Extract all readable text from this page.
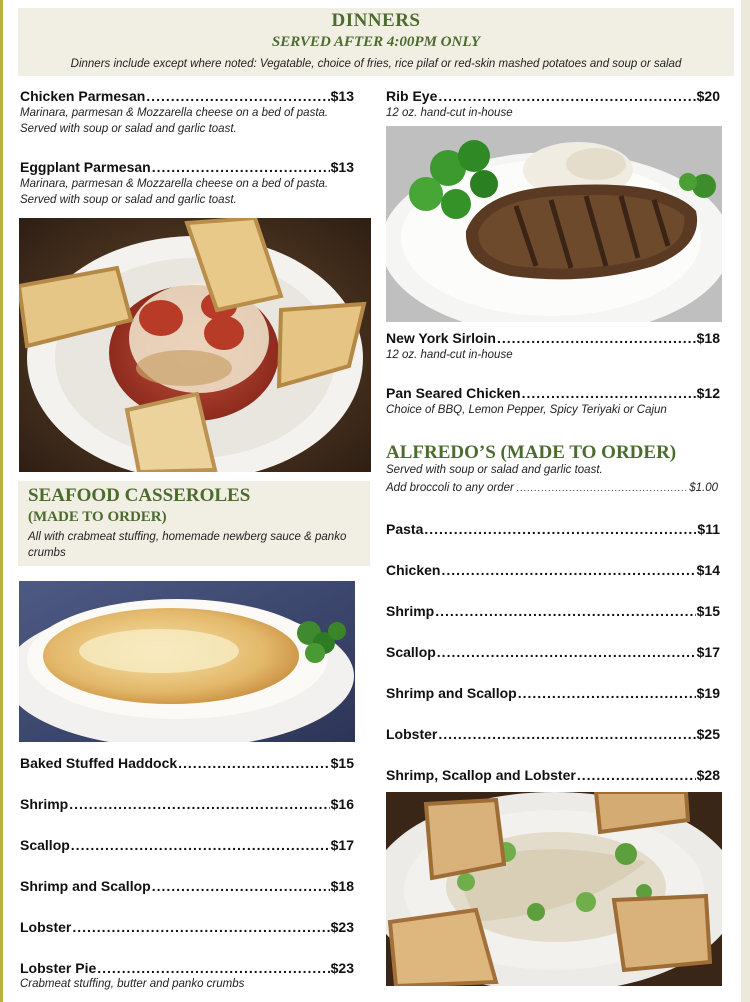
DINNERS
SERVED AFTER 4:00PM ONLY
Dinners include except where noted: Vegatable, choice of fries, rice pilaf or red-skin mashed potatoes and soup or salad
Chicken Parmesan .....	$13
Marinara, parmesan & Mozzarella cheese on a bed of pasta. Served with soup or salad and garlic toast.
Eggplant Parmesan .....	$13
Marinara, parmesan & Mozzarella cheese on a bed of pasta. Served with soup or salad and garlic toast.
SEAFOOD CASSEROLES
(MADE TO ORDER)
All with crabmeat stuffing, homemade newberg sauce & panko crumbs
Baked Stuffed Haddock .....	$15
Shrimp .....	$16
Scallop .....	$17
Shrimp and Scallop .....	$18
Lobster .....	$23
Lobster Pie .....	$23
Crabmeat stuffing, butter and panko crumbs
Rib Eye .....	$20
12 oz. hand-cut in-house
New York Sirloin .....	$18
12 oz. hand-cut in-house
Pan Seared Chicken .....	$12
Choice of BBQ, Lemon Pepper, Spicy Teriyaki or Cajun
ALFREDO’S (MADE TO ORDER)
Served with soup or salad and garlic toast.
Add broccoli to any order .....	$1.00
Pasta .....	$11
Chicken .....	$14
Shrimp .....	$15
Scallop .....	$17
Shrimp and Scallop .....	$19
Lobster .....	$25
Shrimp, Scallop and Lobster .....	$28
